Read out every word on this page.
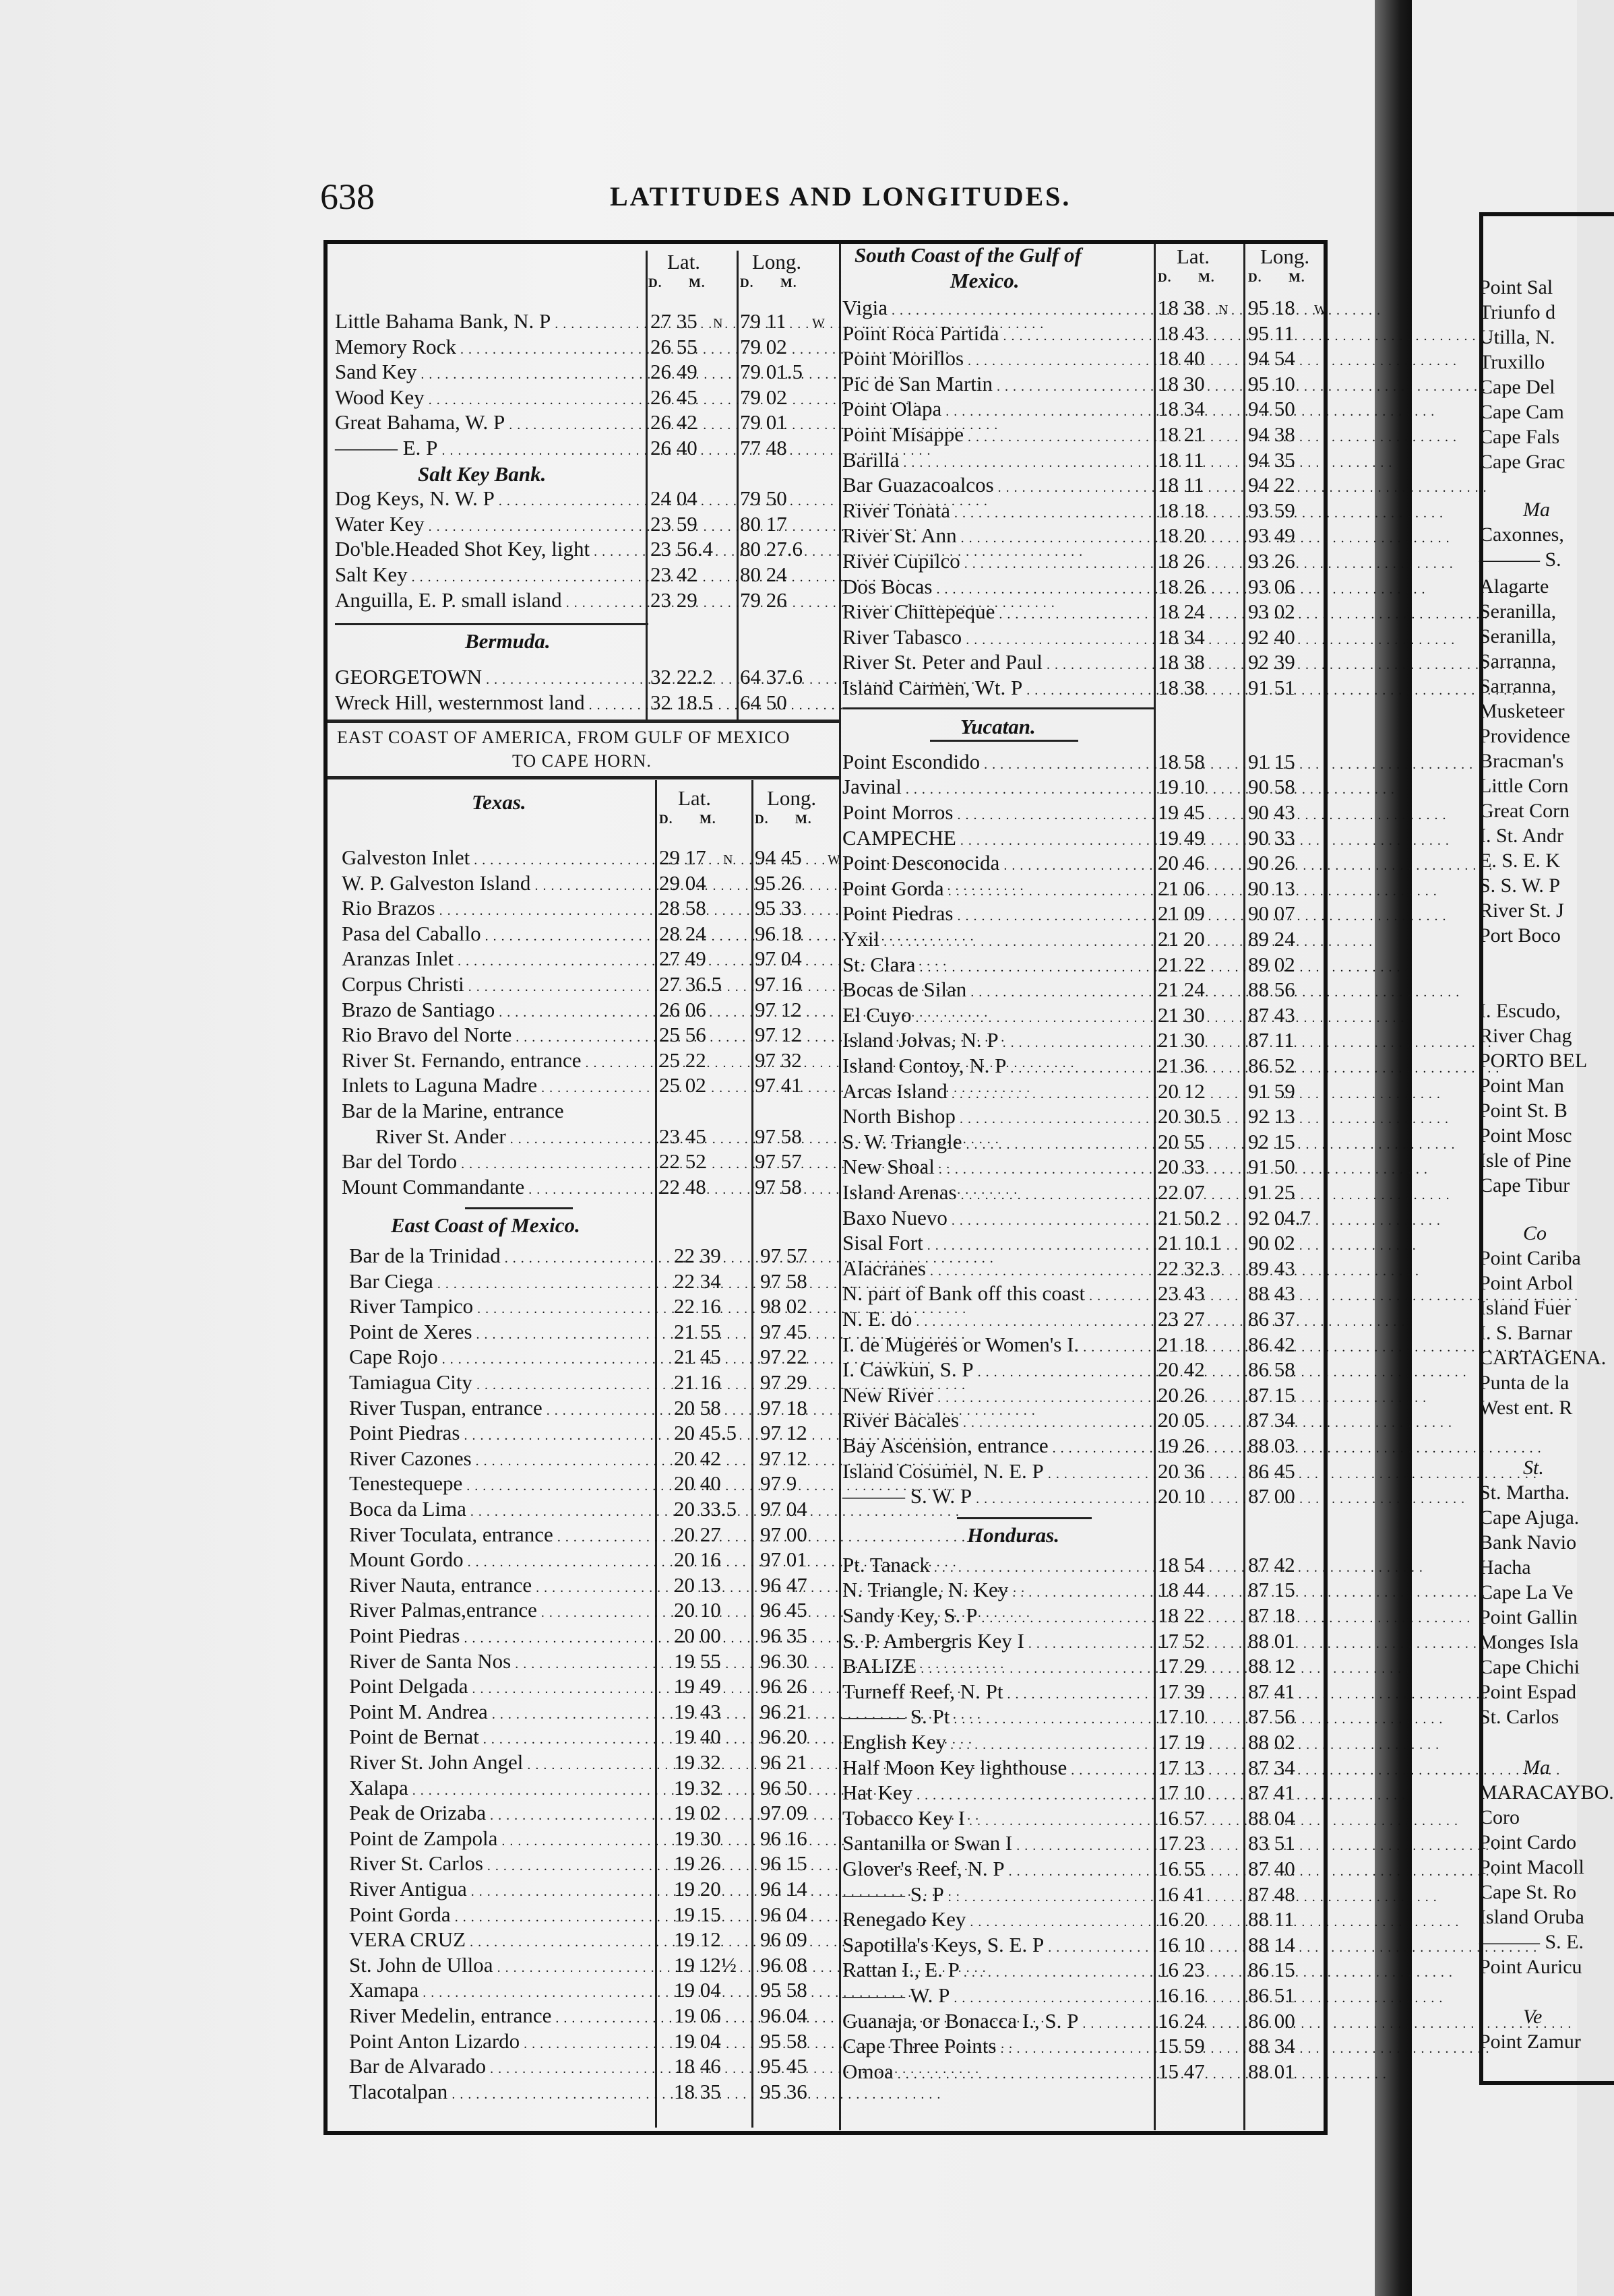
Point Sal
Triunfo d
Utilla, N.
Truxillo
Cape Del
Cape Cam
Cape Fals
Cape Grac
Ma
Caxonnes,
——— S.
Alagarte
Seranilla,
Seranilla,
Sarranna,
Sarranna,
Musketeer
Providence
Bracman's
Little Corn
Great Corn
I. St. Andr
E. S. E. K
S. S. W. P
River St. J
Port Boco
I. Escudo,
River Chag
PORTO BEL
Point Man
Point St. B
Point Mosc
Isle of Pine
Cape Tibur
Co
Point Cariba
Point Arbol
Island Fuer
I. S. Barnar
CARTAGENA.
Punta de la
West ent. R
St.
St. Martha.
Cape Ajuga.
Bank Navio
Hacha
Cape La Ve
Point Gallin
Monges Isla
Cape Chichi
Point Espad
St. Carlos
Ma
MARACAYBO.
Coro
Point Cardo
Point Macoll
Cape St. Ro
Island Oruba
——— S. E.
Point Auricu
Ve
Point Zamur
638	LATITUDES AND LONGITUDES.
Lat. Long.
D. M.	D. M.
Little Bahama Bank, N. P . . .	27 35 N 79 11 W
Memory Rock . . .	26 55 79 02
Sand Key . . .	26 49 79 01.5
Wood Key . . .	26 45 79 02
Great Bahama, W. P . . .	26 42 79 01
——— E. P . . .	26 40 77 48
Salt Key Bank.
Dog Keys, N. W. P . . .	24 04 79 50
Water Key . . .	23 59 80 17
Do'ble.Headed Shot Key, light . . .	23 56.4 80 27.6
Salt Key . . .	23 42 80 24
Anguilla, E. P. small island . . .	23 29 79 26
Bermuda.
GEORGETOWN . . .	32 22.2 64 37.6
Wreck Hill, westernmost land . . .	32 18.5 64 50
EAST COAST OF AMERICA, FROM GULF OF MEXICO
TO CAPE HORN.
Texas.	Lat.	Long.
D. M.	D. M.
Galveston Inlet . . .	29 17 N 94 45 W
W. P. Galveston Island . . .	29 04 95 26
Rio Brazos . . .	28 58 95 33
Pasa del Caballo . . .	28 24 96 18
Aranzas Inlet . . .	27 49 97 04
Corpus Christi . . .	27 36.5 97 16
Brazo de Santiago . . .	26 06 97 12
Rio Bravo del Norte . . .	25 56 97 12
River St. Fernando, entrance . . .	25 22 97 32
Inlets to Laguna Madre . . .	25 02 97 41
Bar de la Marine, entrance
River St. Ander . . .	23 45 97 58
Bar del Tordo . . .	22 52 97 57
Mount Commandante . . .	22 48 97 58
East Coast of Mexico.
Bar de la Trinidad . . .	22 39 97 57
Bar Ciega . . .	22 34 97 58
River Tampico . . .	22 16 98 02
Point de Xeres . . .	21 55 97 45
Cape Rojo . . .	21 45 97 22
Tamiagua City . . .	21 16 97 29
River Tuspan, entrance . . .	20 58 97 18
Point Piedras . . .	20 45.5 97 12
River Cazones . . .	20 42 97 12
Tenestequepe . . .	20 40 97 9
Boca da Lima . . .	20 33.5 97 04
River Toculata, entrance . . .	20 27 97 00
Mount Gordo . . .	20 16 97 01
River Nauta, entrance . . .	20 13 96 47
River Palmas,entrance . . .	20 10 96 45
Point Piedras . . .	20 00 96 35
River de Santa Nos . . .	19 55 96 30
Point Delgada . . .	19 49 96 26
Point M. Andrea . . .	19 43 96 21
Point de Bernat . . .	19 40 96 20
River St. John Angel . . .	19 32 96 21
Xalapa . . .	19 32 96 50
Peak de Orizaba . . .	19 02 97 09
Point de Zampola . . .	19 30 96 16
River St. Carlos . . .	19 26 96 15
River Antigua . . .	19 20 96 14
Point Gorda . . .	19 15 96 04
VERA CRUZ . . .	19 12 96 09
St. John de Ulloa . . .	19 12½ 96 08
Xamapa . . .	19 04 95 58
River Medelin, entrance . . .	19 06 96 04
Point Anton Lizardo . . .	19 04 95 58
Bar de Alvarado . . .	18 46 95 45
Tlacotalpan . . .	18 35 95 36
South Coast of the Gulf of
Mexico.
Lat. Long.
D. M.	D. M.
Vigia . . .	18 38 N 95 18 W
Point Roca Partida . . .	18 43 95 11
Point Morillos . . .	18 40 94 54
Pic de San Martin . . .	18 30 95 10
Point Olapa . . .	18 34 94 50
Point Misappe . . .	18 21 94 38
Barilla . . .	18 11 94 35
Bar Guazacoalcos . . .	18 11 94 22
River Tonata . . .	18 18 93 59
River St. Ann . . .	18 20 93 49
River Cupilco . . .	18 26 93 26
Dos Bocas . . .	18 26 93 06
River Chittepeque . . .	18 24 93 02
River Tabasco . . .	18 34 92 40
River St. Peter and Paul . . .	18 38 92 39
Island Carmen, Wt. P . . .	18 38 91 51
Yucatan.
Point Escondido . . .	18 58 91 15
Javinal . . .	19 10 90 58
Point Morros . . .	19 45 90 43
CAMPECHE . . .	19 49 90 33
Point Desconocida . . .	20 46 90 26
Point Gorda . . .	21 06 90 13
Point Piedras . . .	21 09 90 07
Yxil . . .	21 20 89 24
St. Clara . . .	21 22 89 02
Bocas de Silan . . .	21 24 88 56
El Cuyo . . .	21 30 87 43
Island Jolvas, N. P . . .	21 30 87 11
Island Contoy, N. P . . .	21 36 86 52
Arcas Island . . .	20 12 91 59
North Bishop . . .	20 30.5 92 13
S. W. Triangle . . .	20 55 92 15
New Shoal . . .	20 33 91 50
Island Arenas . . .	22 07 91 25
Baxo Nuevo . . .	21 50.2 92 04.7
Sisal Fort . . .	21 10.1 90 02
Alacranes . . .	22 32.3 89 43
N. part of Bank off this coast . . .	23 43 88 43
N. E. do . . .	23 27 86 37
I. de Mugeres or Women's I. . . .	21 18 86 42
I. Cawkun, S. P . . .	20 42 86 58
New River . . .	20 26 87 15
River Bacales . . .	20 05 87 34
Bay Ascension, entrance . . .	19 26 88 03
Island Cosumel, N. E. P . . .	20 36 86 45
——— S. W. P . . .	20 10 87 00
Honduras.
Pt. Tanack . . .	18 54 87 42
N. Triangle, N. Key . . .	18 44 87 15
Sandy Key, S. P . . .	18 22 87 18
S. P. Ambergris Key I . . .	17 52 88 01
BALIZE . . .	17 29 88 12
Turneff Reef, N. Pt . . .	17 39 87 41
——— S. Pt . . .	17 10 87 56
English Key . . .	17 19 88 02
Half Moon Key lighthouse . . .	17 13 87 34
Hat Key . . .	17 10 87 41
Tobacco Key I . . .	16 57 88 04
Santanilla or Swan I . . .	17 23 83 51
Glover's Reef, N. P . . .	16 55 87 40
——— S. P . . .	16 41 87 48
Renegado Key . . .	16 20 88 11
Sapotilla's Keys, S. E. P . . .	16 10 88 14
Rattan I., E. P . . .	16 23 86 15
——— W. P . . .	16 16 86 51
Guanaja, or Bonacca I., S. P . . .	16 24 86 00
Cape Three Points . . .	15 59 88 34
Omoa . . .	15 47 88 01
